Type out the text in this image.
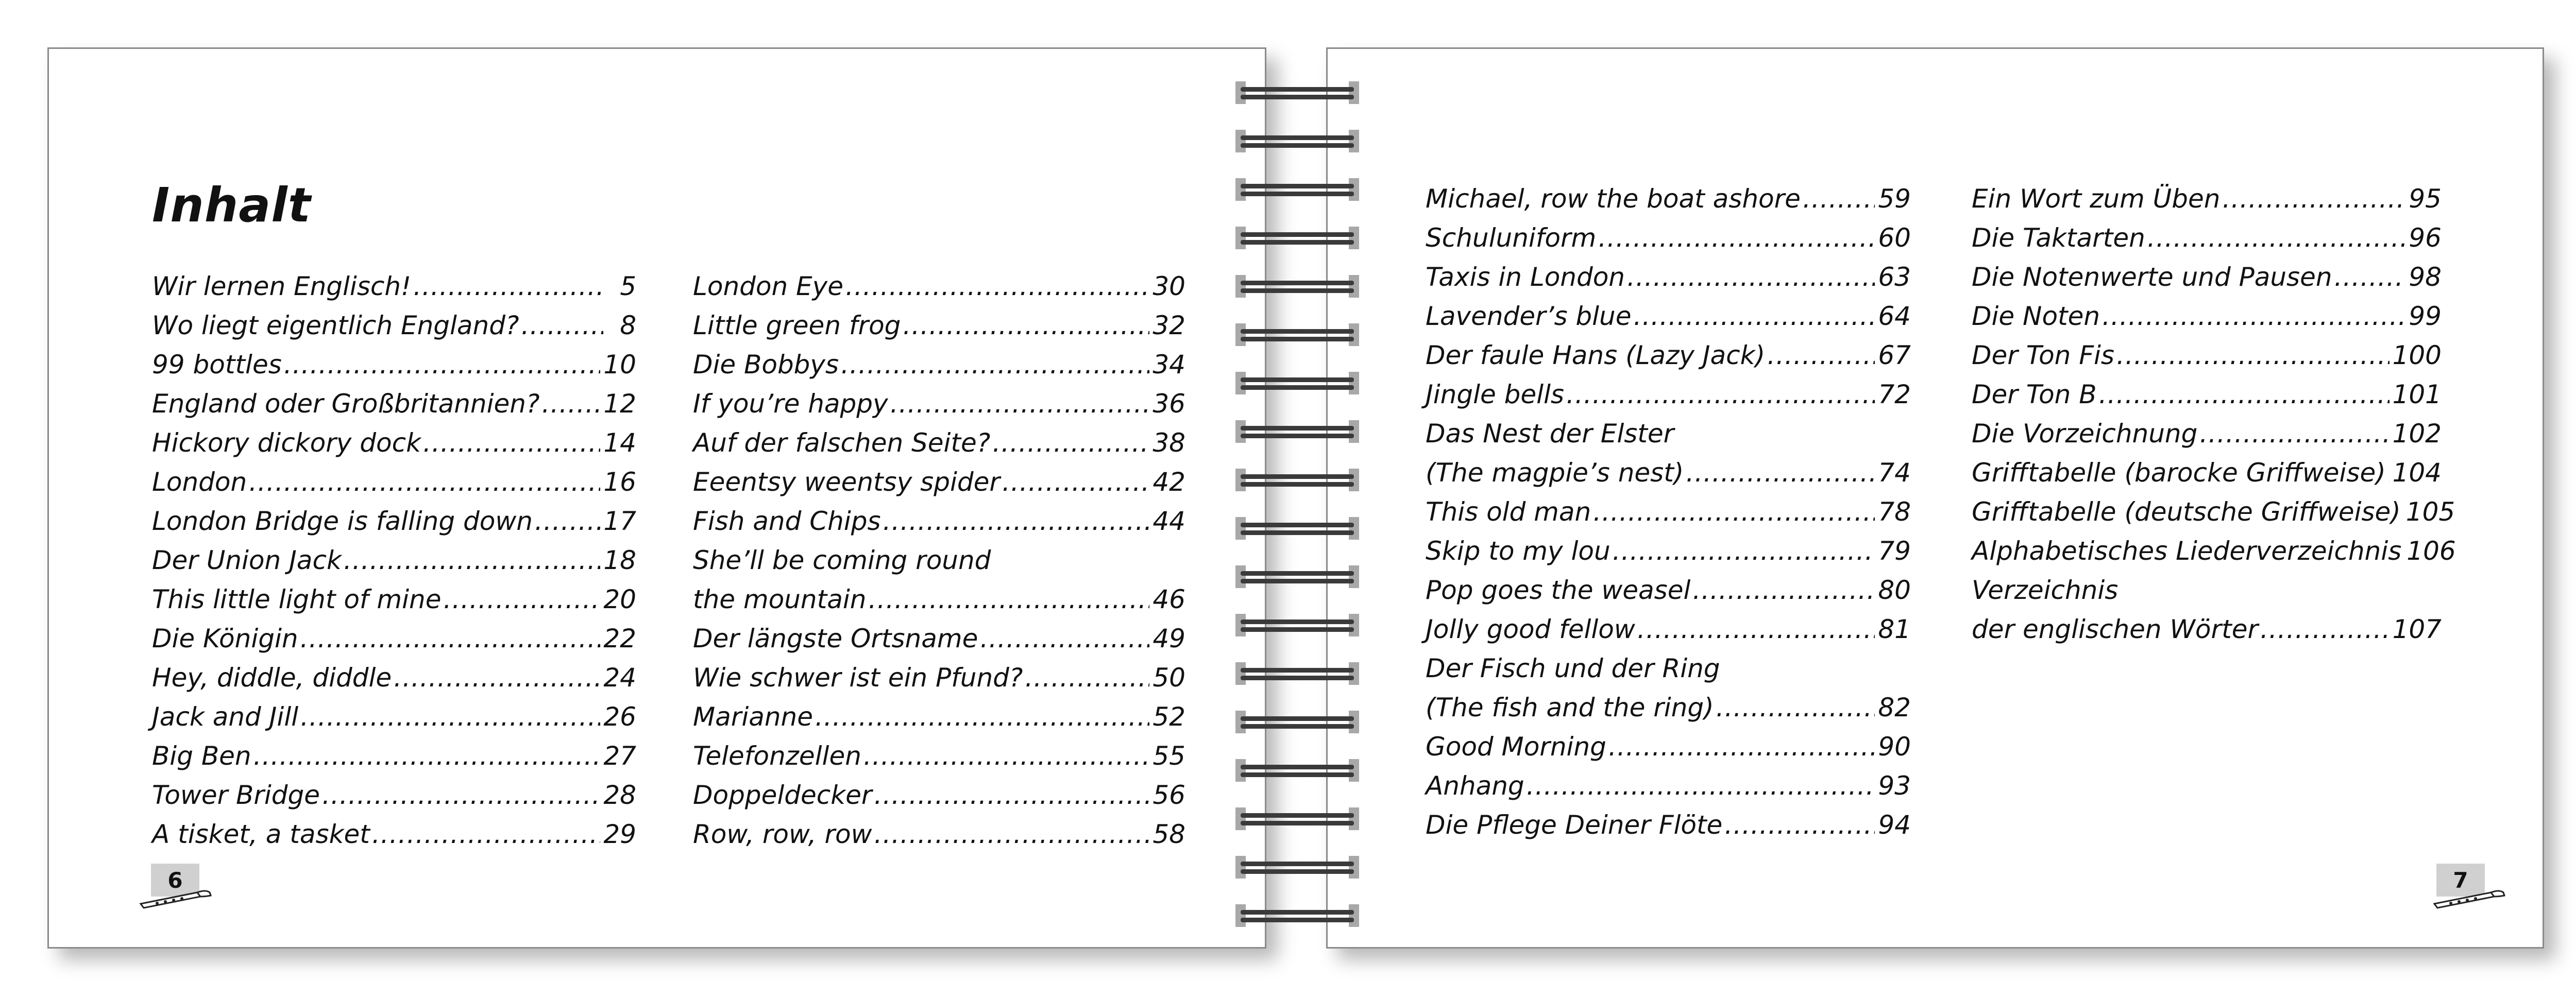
Inhalt
Wir lernen Englisch! .....	5
Wo liegt eigentlich England? .....	8
99 bottles .....	10
England oder Großbritannien? ..... 12
Hickory dickory dock .....	14
London .....	16
London Bridge is falling down .....	17
Der Union Jack .....	18
This little light of mine .....	20
Die Königin .....	22
Hey, diddle, diddle .....	24
Jack and Jill .....	26
Big Ben .....	27
Tower Bridge .....	28
A tisket, a tasket .....	29
London Eye .....	30
Little green frog .....	32
Die Bobbys .....	34
If you’re happy .....	36
Auf der falschen Seite? .....	38
Eeentsy weentsy spider .....	42
Fish and Chips .....	44
She’ll be coming round
the mountain .....	46
Der längste Ortsname .....	49
Wie schwer ist ein Pfund? .....	50
Marianne .....	52
Telefonzellen .....	55
Doppeldecker .....	56
Row, row, row .....	58
6
Michael, row the boat ashore .....	59
Schuluniform .....	60
Taxis in London .....	63
Lavender’s blue .....	64
Der faule Hans (Lazy Jack) .....	67
Jingle bells .....	72
Das Nest der Elster
(The magpie’s nest) .....	74
This old man .....	78
Skip to my lou .....	79
Pop goes the weasel .....	80
Jolly good fellow .....	81
Der Fisch und der Ring
(The fish and the ring) .....	82
Good Morning .....	90
Anhang .....	93
Die Pflege Deiner Flöte .....	94
Ein Wort zum Üben .....	95
Die Taktarten .....	96
Die Notenwerte und Pausen .....	98
Die Noten .....	99
Der Ton Fis .....	100
Der Ton B .....	101
Die Vorzeichnung .....	102
Grifftabelle (barocke Griffweise) ..... 104
Grifftabelle (deutsche Griffweise) 105
Alphabetisches Liederverzeichnis 106
Verzeichnis
der englischen Wörter .....	107
7
